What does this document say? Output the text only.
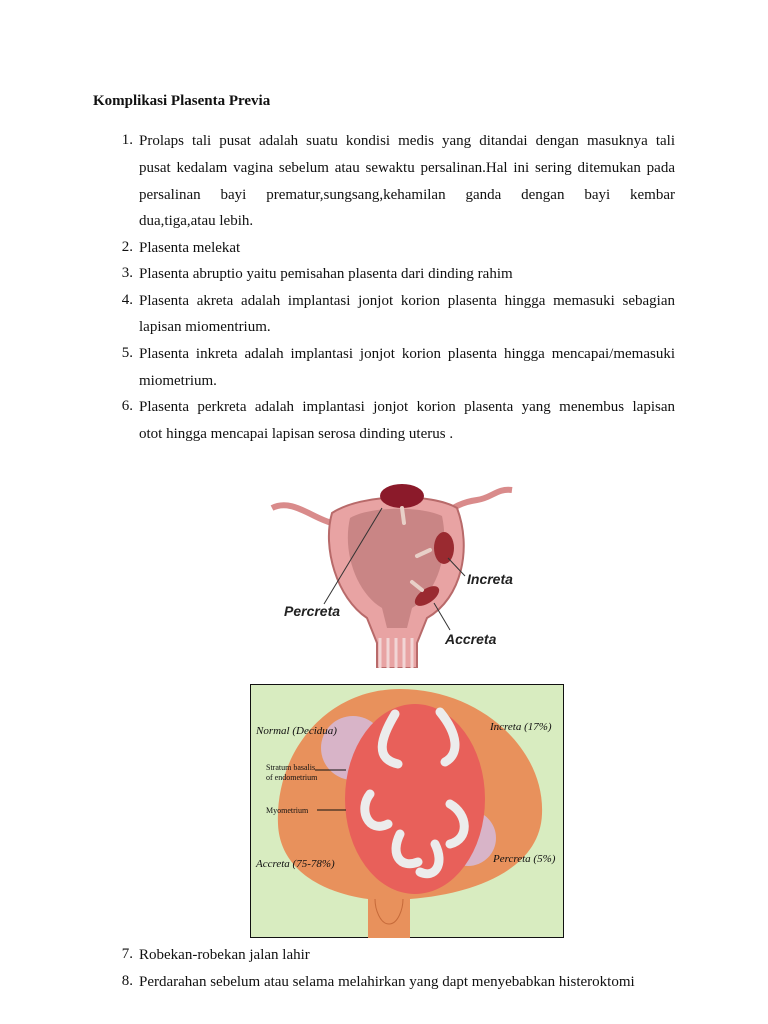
Komplikasi Plasenta Previa
1. Prolaps tali pusat adalah suatu kondisi medis yang ditandai dengan masuknya tali
pusat kedalam vagina sebelum atau sewaktu persalinan.Hal ini sering ditemukan pada
persalinan bayi prematur,sungsang,kehamilan ganda dengan bayi kembar
dua,tiga,atau lebih.
2. Plasenta melekat
3. Plasenta abruptio yaitu pemisahan plasenta dari dinding rahim
4. Plasenta akreta adalah implantasi jonjot korion plasenta hingga memasuki sebagian
lapisan miomentrium.
5. Plasenta inkreta adalah implantasi jonjot korion plasenta hingga mencapai/memasuki
miometrium.
6. Plasenta perkreta adalah implantasi jonjot korion plasenta yang menembus lapisan
otot hingga mencapai lapisan serosa dinding uterus .
7. Robekan-robekan jalan lahir
8. Perdarahan sebelum atau selama melahirkan yang dapt menyebabkan histeroktomi
Increta
Percreta
Accreta
Normal (Decidua)	Increta (17%)
Stratum basalis
of endometrium
Myometrium
Accreta (75-78%)	Percreta (5%)
